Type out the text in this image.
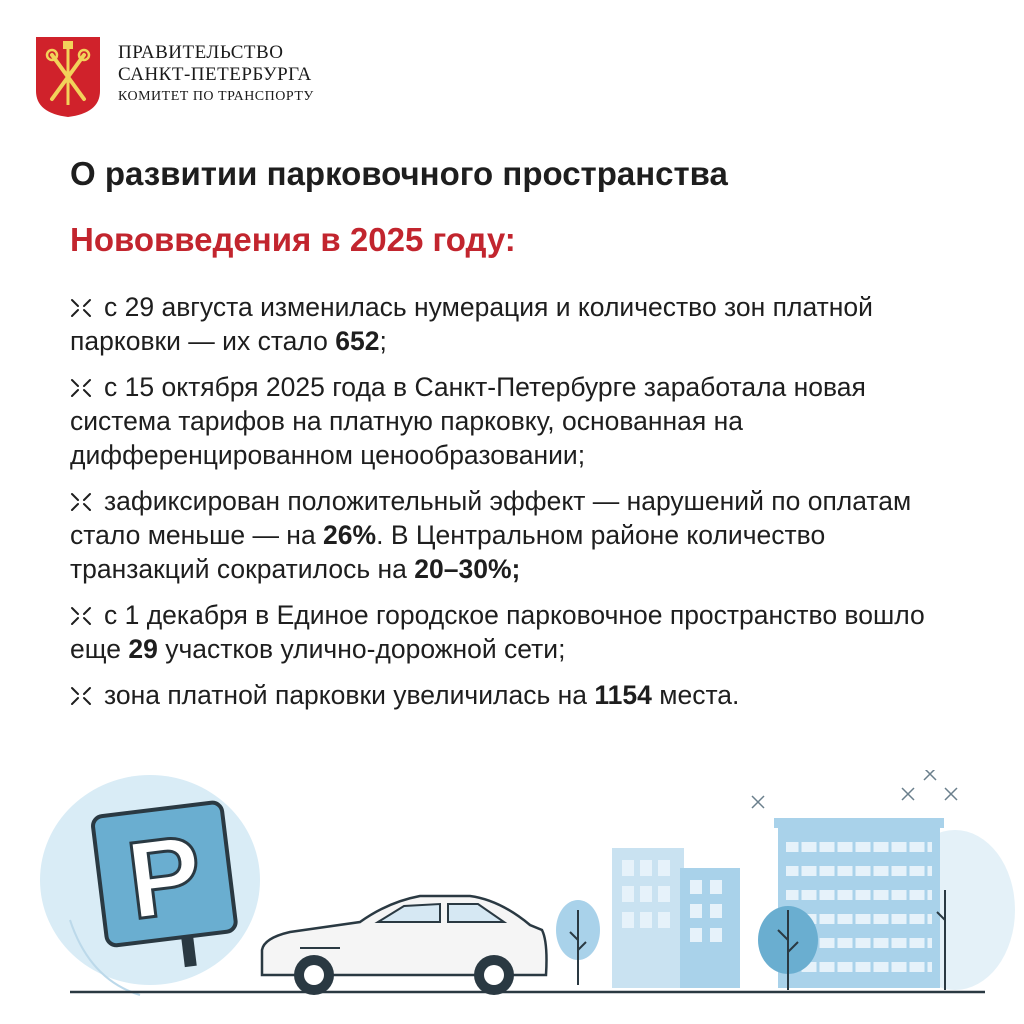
ПРАВИТЕЛЬСТВО
САНКТ-ПЕТЕРБУРГА
КОМИТЕТ ПО ТРАНСПОРТУ
О развитии парковочного пространства
Нововведения в 2025 году:
с 29 августа изменилась нумерация и количество зон платной парковки — их стало 652;
с 15 октября 2025 года в Санкт-Петербурге заработала новая система тарифов на платную парковку, основанная на дифференцированном ценообразовании;
зафиксирован положительный эффект — нарушений по оплатам стало меньше — на 26%. В Центральном районе количество транзакций сократилось на 20–30%;
с 1 декабря в Единое городское парковочное пространство вошло еще 29 участков улично-дорожной сети;
зона платной парковки увеличилась на 1154 места.
P
